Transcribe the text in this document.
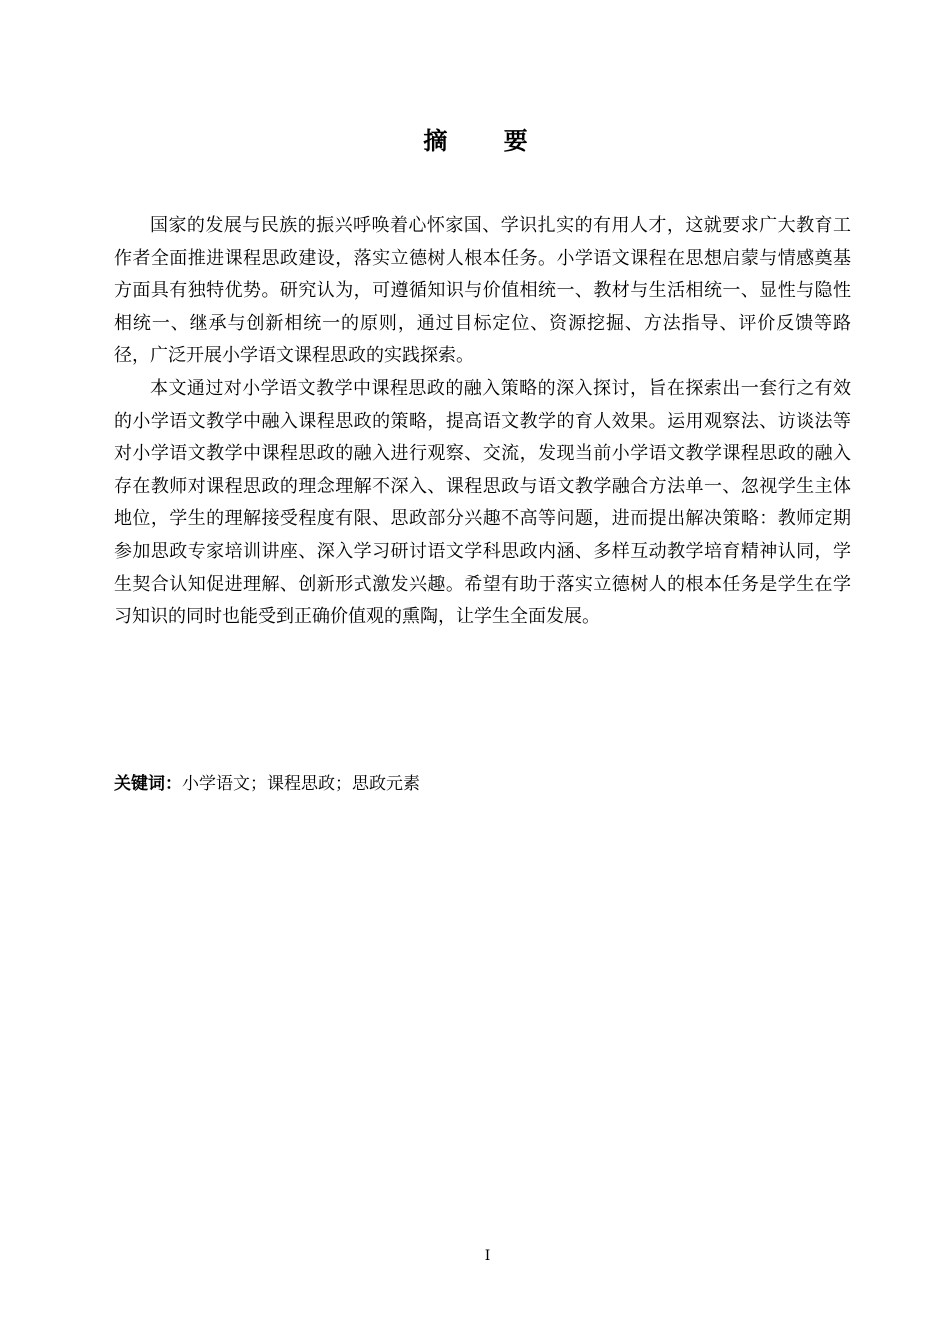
摘 要

国家的发展与民族的振兴呼唤着心怀家国、学识扎实的有用人才，这就要求广大教育工作者全面推进课程思政建设，落实立德树人根本任务。小学语文课程在思想启蒙与情感奠基方面具有独特优势。研究认为，可遵循知识与价值相统一、教材与生活相统一、显性与隐性相统一、继承与创新相统一的原则，通过目标定位、资源挖掘、方法指导、评价反馈等路径，广泛开展小学语文课程思政的实践探索。

本文通过对小学语文教学中课程思政的融入策略的深入探讨，旨在探索出一套行之有效的小学语文教学中融入课程思政的策略，提高语文教学的育人效果。运用观察法、访谈法等对小学语文教学中课程思政的融入进行观察、交流，发现当前小学语文教学课程思政的融入存在教师对课程思政的理念理解不深入、课程思政与语文教学融合方法单一、忽视学生主体地位，学生的理解接受程度有限、思政部分兴趣不高等问题，进而提出解决策略：教师定期参加思政专家培训讲座、深入学习研讨语文学科思政内涵、多样互动教学培育精神认同，学生契合认知促进理解、创新形式激发兴趣。希望有助于落实立德树人的根本任务是学生在学习知识的同时也能受到正确价值观的熏陶，让学生全面发展。

关键词：小学语文；课程思政；思政元素
I
